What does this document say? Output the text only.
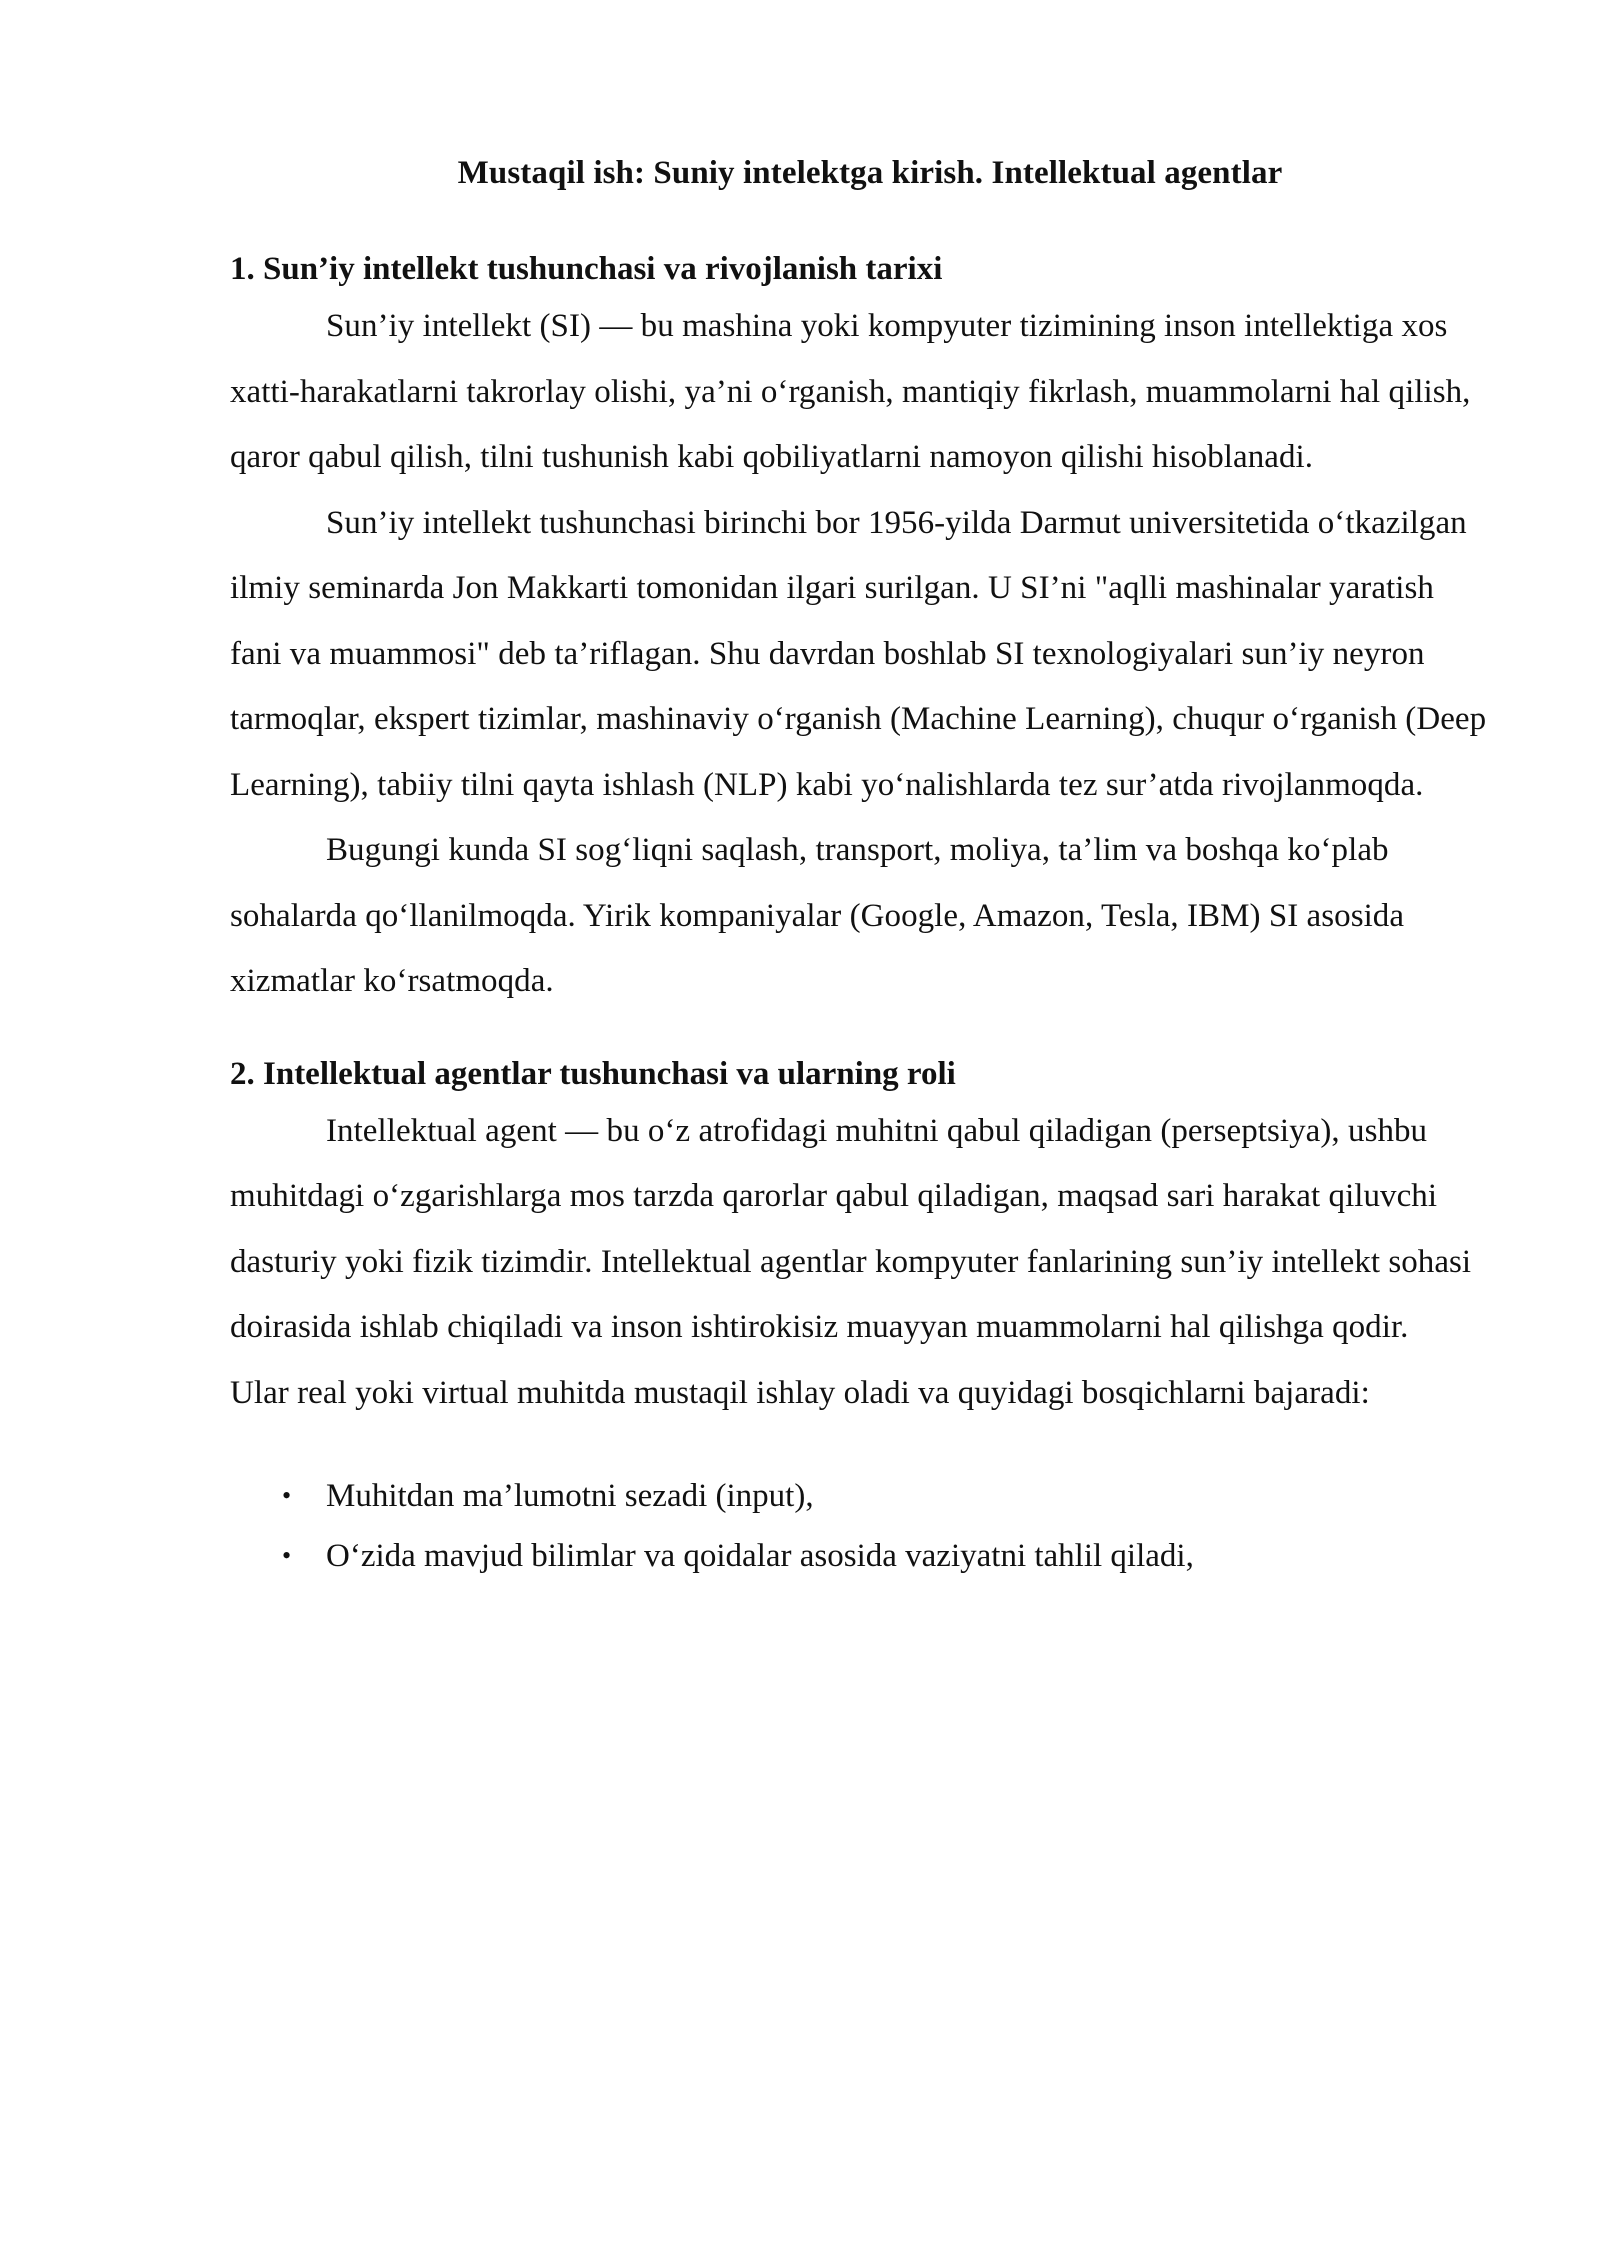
Mustaqil ish: Suniy intelektga kirish. Intellektual agentlar
1. Sun’iy intellekt tushunchasi va rivojlanish tarixi

Sun’iy intellekt (SI) — bu mashina yoki kompyuter tizimining inson intellektiga xos xatti-harakatlarni takrorlay olishi, ya’ni o‘rganish, mantiqiy fikrlash, muammolarni hal qilish, qaror qabul qilish, tilni tushunish kabi qobiliyatlarni namoyon qilishi hisoblanadi.

Sun’iy intellekt tushunchasi birinchi bor 1956-yilda Darmut universitetida o‘tkazilgan ilmiy seminarda Jon Makkarti tomonidan ilgari surilgan. U SI’ni "aqlli mashinalar yaratish fani va muammosi" deb ta’riflagan. Shu davrdan boshlab SI texnologiyalari sun’iy neyron tarmoqlar, ekspert tizimlar, mashinaviy o‘rganish (Machine Learning), chuqur o‘rganish (Deep Learning), tabiiy tilni qayta ishlash (NLP) kabi yo‘nalishlarda tez sur’atda rivojlanmoqda.

Bugungi kunda SI sog‘liqni saqlash, transport, moliya, ta’lim va boshqa ko‘plab sohalarda qo‘llanilmoqda. Yirik kompaniyalar (Google, Amazon, Tesla, IBM) SI asosida xizmatlar ko‘rsatmoqda.

2. Intellektual agentlar tushunchasi va ularning roli

Intellektual agent — bu o‘z atrofidagi muhitni qabul qiladigan (perseptsiya), ushbu muhitdagi o‘zgarishlarga mos tarzda qarorlar qabul qiladigan, maqsad sari harakat qiluvchi dasturiy yoki fizik tizimdir. Intellektual agentlar kompyuter fanlarining sun’iy intellekt sohasi doirasida ishlab chiqiladi va inson ishtirokisiz muayyan muammolarni hal qilishga qodir.

Ular real yoki virtual muhitda mustaqil ishlay oladi va quyidagi bosqichlarni bajaradi:

• Muhitdan ma’lumotni sezadi (input),
• O‘zida mavjud bilimlar va qoidalar asosida vaziyatni tahlil qiladi,
